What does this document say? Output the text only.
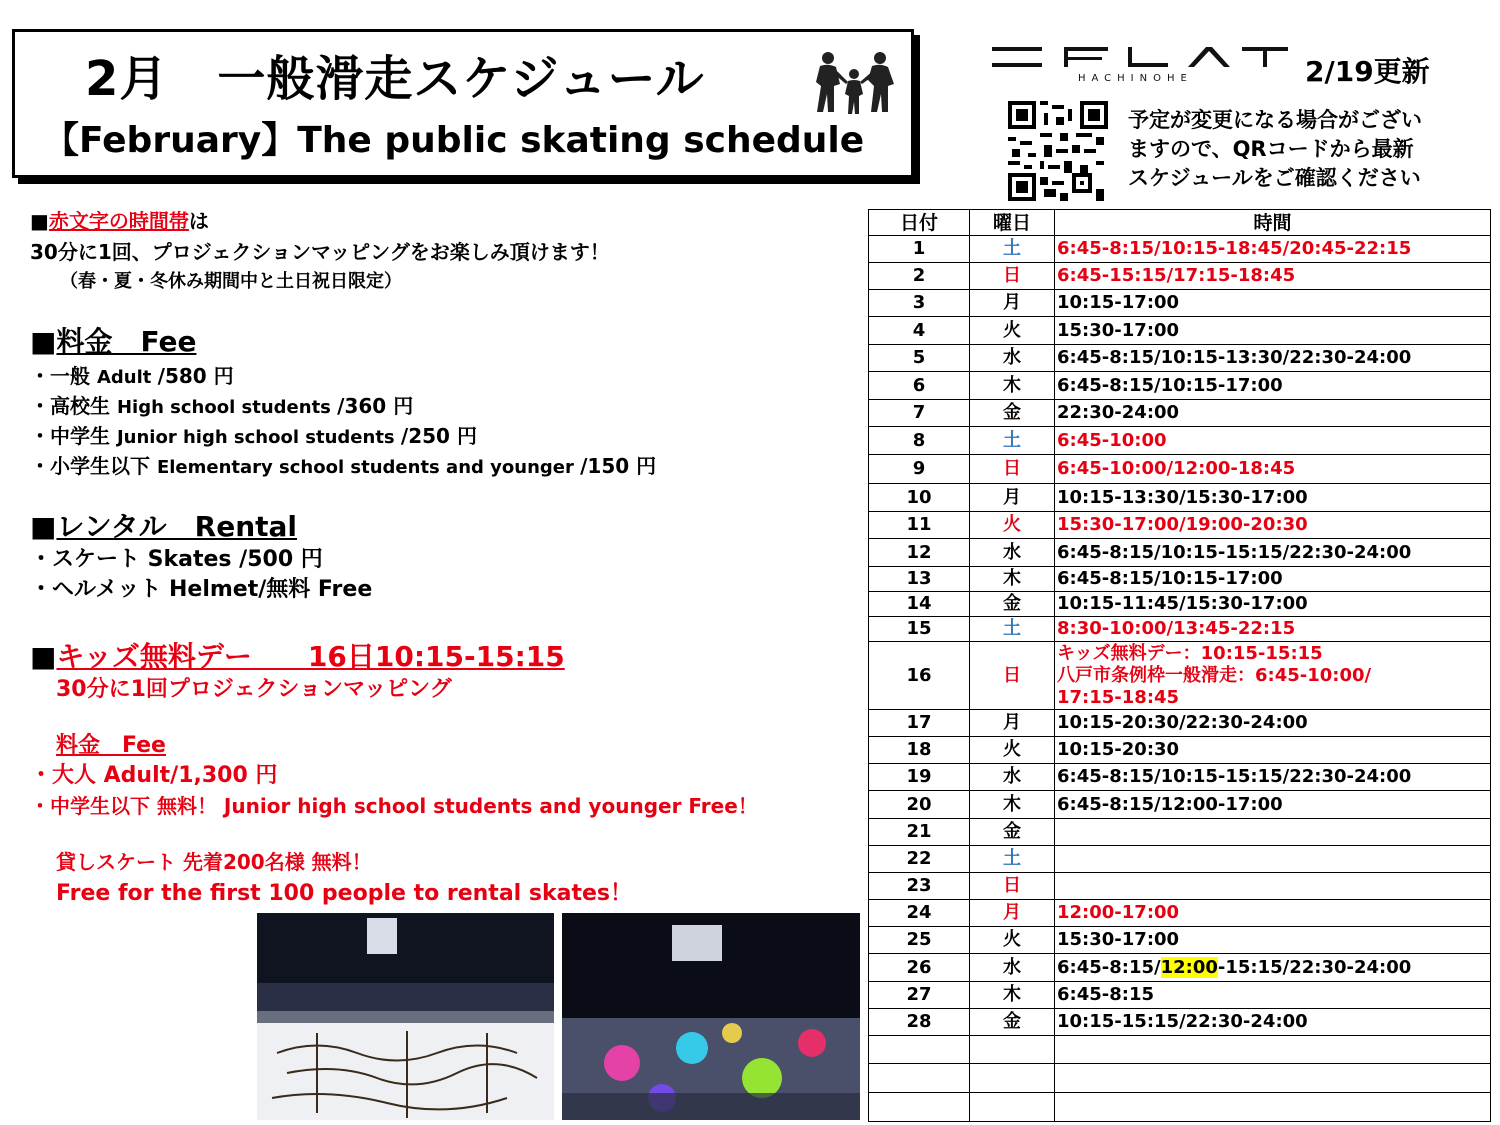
2月　一般滑走スケジュール
【February】The public skating schedule
HACHINOHE	2/19更新
予定が変更になる場合がござい
ますので、QRコードから最新
スケジュールをご確認ください
■赤文字の時間帯は
30分に1回、プロジェクションマッピングをお楽しみ頂けます！
（春・夏・冬休み期間中と土日祝日限定）
■料金　Fee
・一般 Adult /580 円
・高校生 High school students /360 円
・中学生 Junior high school students /250 円
・小学生以下 Elementary school students and younger /150 円
■レンタル　Rental
・スケート Skates /500 円
・ヘルメット Helmet/無料 Free
■キッズ無料デー　　16日10:15-15:15
30分に1回プロジェクションマッピング
料金　Fee
・大人 Adult/1,300 円
・中学生以下 無料！ Junior high school students and younger Free！
貸しスケート 先着200名様 無料！
Free for the first 100 people to rental skates！
日付	曜日	時間
1	土	6:45-8:15/10:15-18:45/20:45-22:15
2	日	6:45-15:15/17:15-18:45
3	月	10:15-17:00
4	火	15:30-17:00
5	水	6:45-8:15/10:15-13:30/22:30-24:00
6	木	6:45-8:15/10:15-17:00
7	金	22:30-24:00
8	土	6:45-10:00
9	日	6:45-10:00/12:00-18:45
10	月	10:15-13:30/15:30-17:00
11	火	15:30-17:00/19:00-20:30
12	水	6:45-8:15/10:15-15:15/22:30-24:00
13	木	6:45-8:15/10:15-17:00
14	金	10:15-11:45/15:30-17:00
15	土	8:30-10:00/13:45-22:15
16	日	キッズ無料デー：10:15-15:15
八戸市条例枠一般滑走：6:45-10:00/
17:15-18:45

17	月	10:15-20:30/22:30-24:00
18	火	10:15-20:30
19	水	6:45-8:15/10:15-15:15/22:30-24:00
20	木	6:45-8:15/12:00-17:00
21	金	
22	土	
23	日	
24	月	12:00-17:00
25	火	15:30-17:00
26	水	6:45-8:15/12:00-15:15/22:30-24:00
27	木	6:45-8:15
28	金	10:15-15:15/22:30-24:00
